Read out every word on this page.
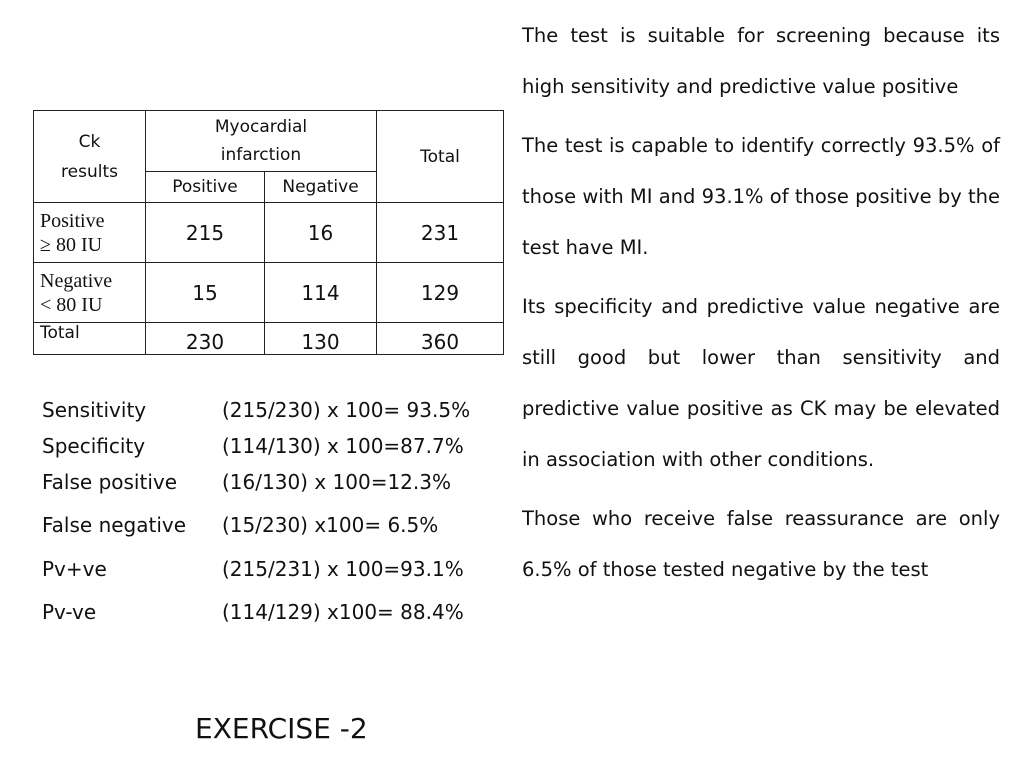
Ck results	Myocardial infarction		Total
	Positive	Negative	

Positive
≥ 80 IU	215	16	231

Negative
< 80 IU	15	114	129
Total	230	130	360
Sensitivity	(215/230) x 100= 93.5%
Specificity	(114/130) x 100=87.7%
False positive (16/130) x 100=12.3%
False negative (15/230) x100= 6.5%
Pv+ve	(215/231) x 100=93.1%
Pv-ve	(114/129) x100= 88.4%
EXERCISE -2

The test is suitable for screening because its high sensitivity and predictive value positive

The test is capable to identify correctly 93.5% of those with MI and 93.1% of those positive by the test have MI.

Its specificity and predictive value negative are still good but lower than sensitivity and predictive value positive as CK may be elevated in association with other conditions.

Those who receive false reassurance are only 6.5% of those tested negative by the test
